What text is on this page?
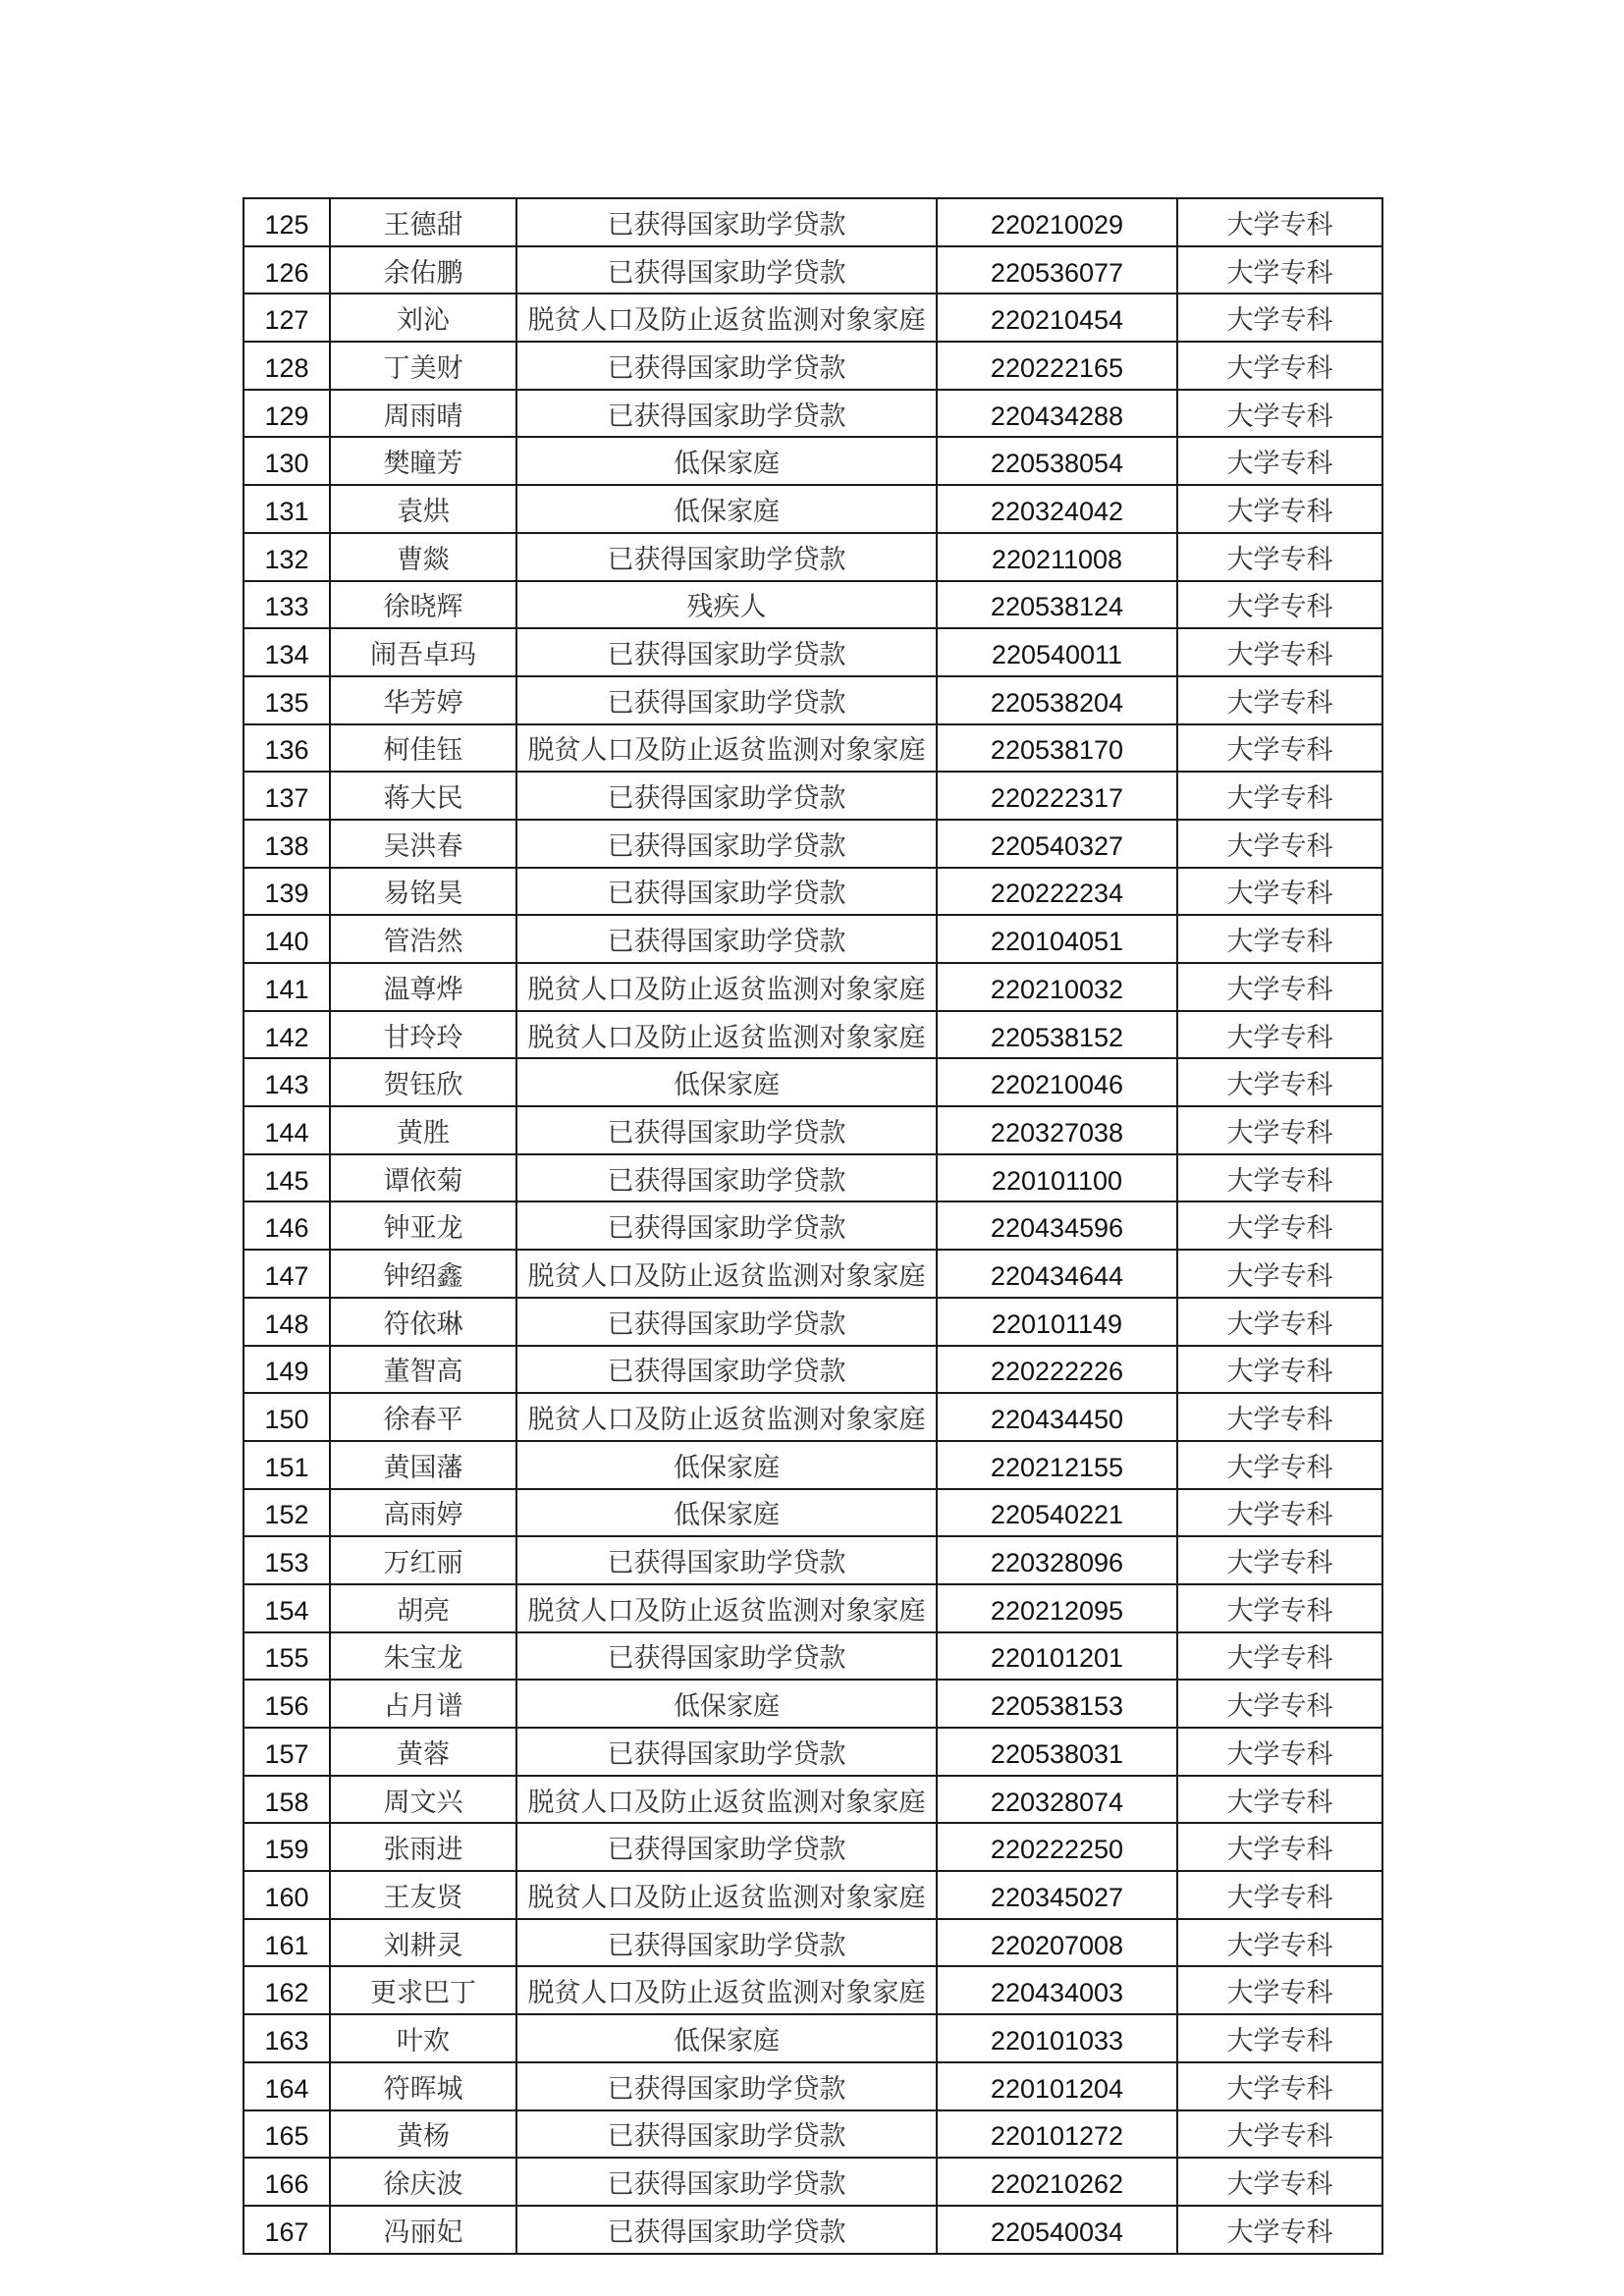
125	王德甜	已获得国家助学贷款	220210029	大学专科
126	余佑鹏	已获得国家助学贷款	220536077	大学专科
127	刘沁	脱贫人口及防止返贫监测对象家庭	220210454	大学专科
128	丁美财	已获得国家助学贷款	220222165	大学专科
129	周雨晴	已获得国家助学贷款	220434288	大学专科
130	樊瞳芳	低保家庭	220538054	大学专科
131	袁烘	低保家庭	220324042	大学专科
132	曹燚	已获得国家助学贷款	220211008	大学专科
133	徐晓辉	残疾人	220538124	大学专科
134	闹吾卓玛	已获得国家助学贷款	220540011	大学专科
135	华芳婷	已获得国家助学贷款	220538204	大学专科
136	柯佳钰	脱贫人口及防止返贫监测对象家庭	220538170	大学专科
137	蒋大民	已获得国家助学贷款	220222317	大学专科
138	吴洪春	已获得国家助学贷款	220540327	大学专科
139	易铭昊	已获得国家助学贷款	220222234	大学专科
140	管浩然	已获得国家助学贷款	220104051	大学专科
141	温尊烨	脱贫人口及防止返贫监测对象家庭	220210032	大学专科
142	甘玲玲	脱贫人口及防止返贫监测对象家庭	220538152	大学专科
143	贺钰欣	低保家庭	220210046	大学专科
144	黄胜	已获得国家助学贷款	220327038	大学专科
145	谭依菊	已获得国家助学贷款	220101100	大学专科
146	钟亚龙	已获得国家助学贷款	220434596	大学专科
147	钟绍鑫	脱贫人口及防止返贫监测对象家庭	220434644	大学专科
148	符依琳	已获得国家助学贷款	220101149	大学专科
149	董智高	已获得国家助学贷款	220222226	大学专科
150	徐春平	脱贫人口及防止返贫监测对象家庭	220434450	大学专科
151	黄国藩	低保家庭	220212155	大学专科
152	高雨婷	低保家庭	220540221	大学专科
153	万红丽	已获得国家助学贷款	220328096	大学专科
154	胡亮	脱贫人口及防止返贫监测对象家庭	220212095	大学专科
155	朱宝龙	已获得国家助学贷款	220101201	大学专科
156	占月谱	低保家庭	220538153	大学专科
157	黄蓉	已获得国家助学贷款	220538031	大学专科
158	周文兴	脱贫人口及防止返贫监测对象家庭	220328074	大学专科
159	张雨进	已获得国家助学贷款	220222250	大学专科
160	王友贤	脱贫人口及防止返贫监测对象家庭	220345027	大学专科
161	刘耕灵	已获得国家助学贷款	220207008	大学专科
162	更求巴丁	脱贫人口及防止返贫监测对象家庭	220434003	大学专科
163	叶欢	低保家庭	220101033	大学专科
164	符晖城	已获得国家助学贷款	220101204	大学专科
165	黄杨	已获得国家助学贷款	220101272	大学专科
166	徐庆波	已获得国家助学贷款	220210262	大学专科
167	冯丽妃	已获得国家助学贷款	220540034	大学专科
